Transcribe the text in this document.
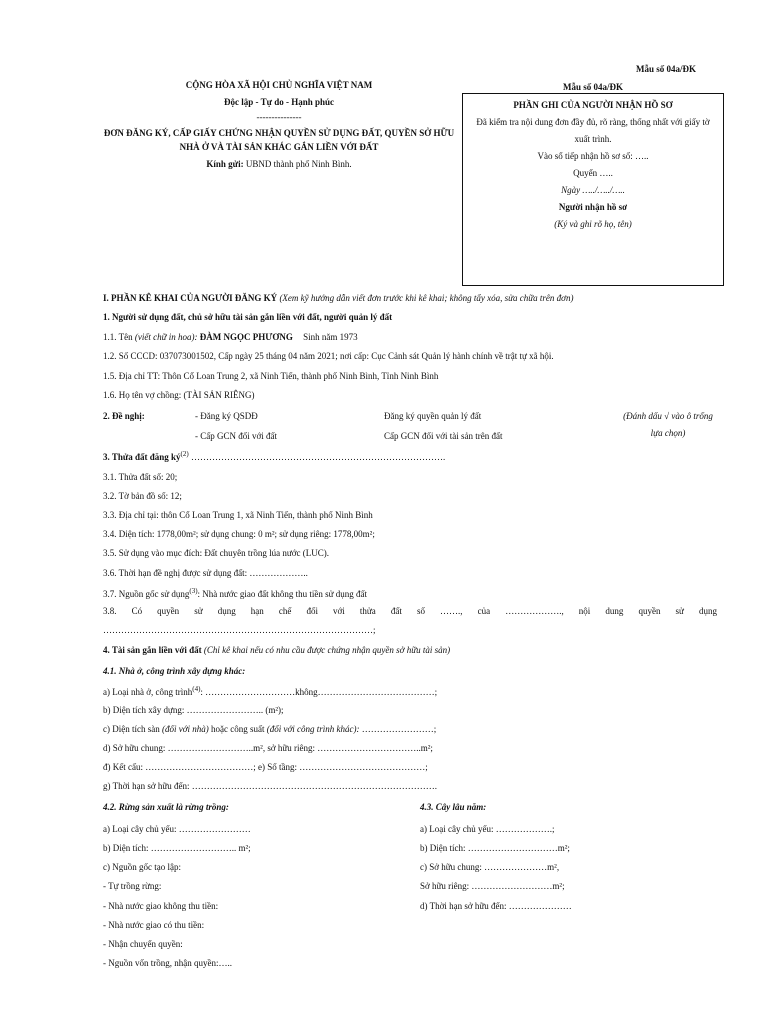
Mẫu số 04a/ĐK
CỘNG HÒA XÃ HỘI CHỦ NGHĨA VIỆT NAM
Độc lập - Tự do - Hạnh phúc
---------------
ĐƠN ĐĂNG KÝ, CẤP GIẤY CHỨNG NHẬN QUYỀN SỬ DỤNG ĐẤT, QUYỀN SỞ HỮU
NHÀ Ở VÀ TÀI SẢN KHÁC GẮN LIỀN VỚI ĐẤT
Kính gửi: UBND thành phố Ninh Bình.
Mẫu số 04a/ĐK
PHẦN GHI CỦA NGƯỜI NHẬN HỒ SƠ
Đã kiểm tra nội dung đơn đầy đủ, rõ ràng, thống nhất với giấy tờ xuất trình.
Vào sổ tiếp nhận hồ sơ số: …..
Quyển …..
Ngày …../…../…..
Người nhận hồ sơ
(Ký và ghi rõ họ, tên)
I. PHẦN KÊ KHAI CỦA NGƯỜI ĐĂNG KÝ (Xem kỹ hướng dẫn viết đơn trước khi kê khai; không tẩy xóa, sửa chữa trên đơn)
1. Người sử dụng đất, chủ sở hữu tài sản gắn liền với đất, người quản lý đất
1.1. Tên (viết chữ in hoa): ĐÀM NGỌC PHƯƠNG Sinh năm 1973
1.2. Số CCCD: 037073001502, Cấp ngày 25 tháng 04 năm 2021; nơi cấp: Cục Cảnh sát Quản lý hành chính về trật tự xã hội.
1.5. Địa chỉ TT: Thôn Cổ Loan Trung 2, xã Ninh Tiến, thành phố Ninh Bình, Tỉnh Ninh Bình
1.6. Họ tên vợ chồng: (TÀI SẢN RIÊNG)
2. Đề nghị:	- Đăng ký QSDĐ	Đăng ký quyền quản lý đất
- Cấp GCN đối với đất	Cấp GCN đối với tài sản trên đất
(Đánh dấu √ vào ô trống
lựa chọn)
3. Thửa đất đăng $ký^{(2)}$ ………………………………………………………………………….
3.1. Thửa đất số: 20;
3.2. Tờ bản đồ số: 12;
3.3. Địa chỉ tại: thôn Cổ Loan Trung 1, xã Ninh Tiến, thành phố Ninh Bình
3.4. Diện tích: 1778,00m²; sử dụng chung: 0 m²; sử dụng riêng: 1778,00m²;
3.5. Sử dụng vào mục đích: Đất chuyên trồng lúa nước (LUC).
3.6. Thời hạn đề nghị được sử dụng đất: ………………..
3.7. Nguồn gốc sử dụng$^{(3)}$: Nhà nước giao đất không thu tiền sử dụng đất
3.8. Có quyền sử dụng hạn chế đối với thửa đất số ……., của ………………., nội dung quyền sử dụng
………………………………………………………………………………;
4. Tài sản gắn liền với đất (Chỉ kê khai nếu có nhu cầu được chứng nhận quyền sở hữu tài sản)
4.1. Nhà ở, công trình xây dựng khác:
a) Loại nhà ở, công trình$^{(4)}$: …………………………không…………………………………;
b) Diện tích xây dựng: …………………….. (m²);
c) Diện tích sàn (đối với nhà) hoặc công suất (đối với công trình khác): ……………………;
d) Sở hữu chung: ………………………..m², sở hữu riêng: ……………………………..m²;
đ) Kết cấu: ………………………………; e) Số tầng: ……………………………………;
g) Thời hạn sở hữu đến: ……………………………………………………………………….
4.2. Rừng sản xuất là rừng trồng:
a) Loại cây chủ yếu: ……………………
b) Diện tích: ……………………….. m²;
c) Nguồn gốc tạo lập:
- Tự trồng rừng:
- Nhà nước giao không thu tiền:
- Nhà nước giao có thu tiền:
- Nhận chuyển quyền:
- Nguồn vốn trồng, nhận quyền:…..
4.3. Cây lâu năm:
a) Loại cây chủ yếu: ……………….;
b) Diện tích: …………………………m²;
c) Sở hữu chung: …………………m²,
Sở hữu riêng: ………………………m²;
d) Thời hạn sở hữu đến: …………………
